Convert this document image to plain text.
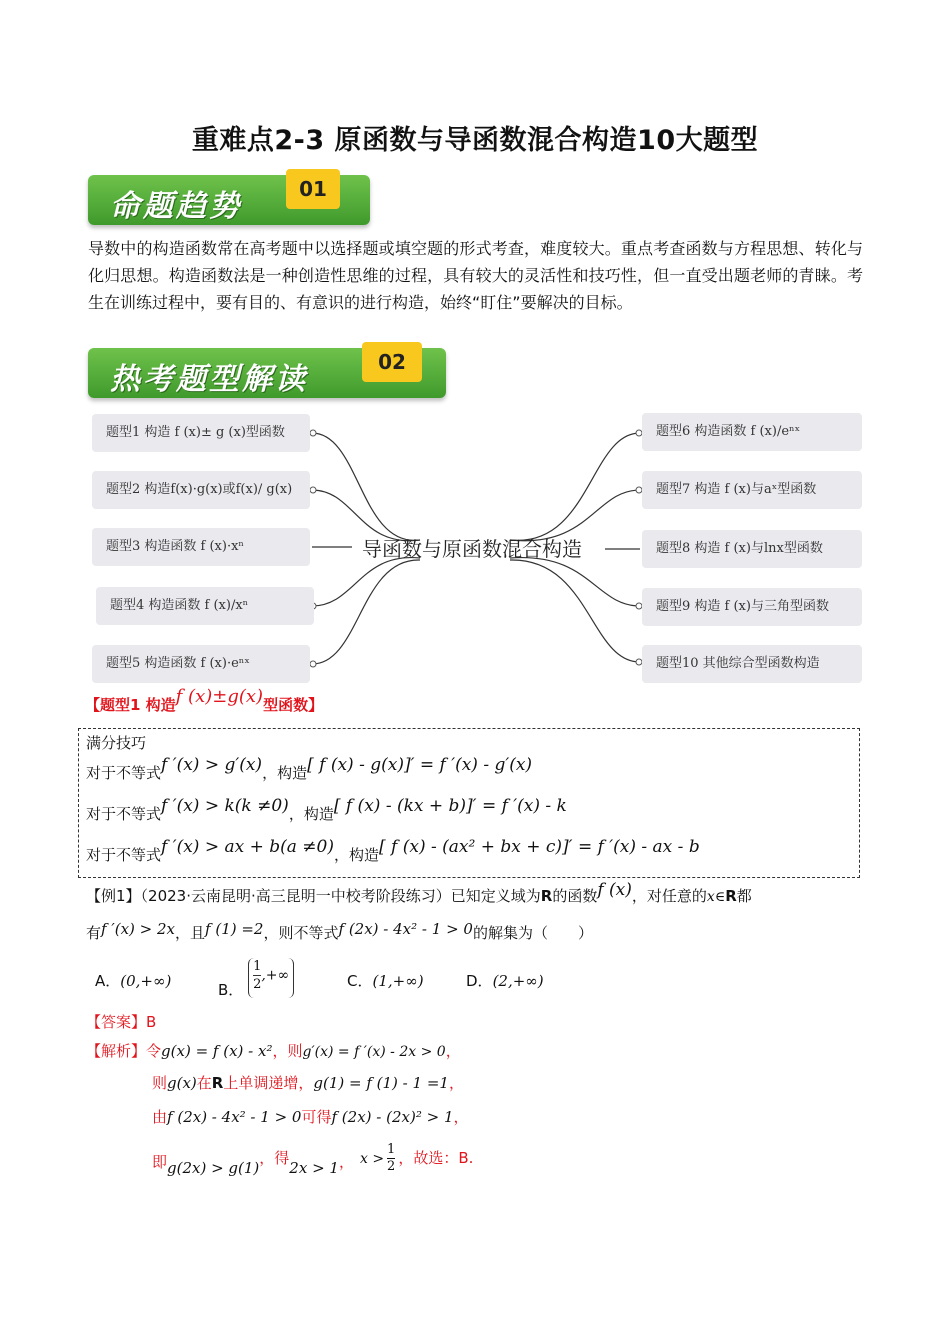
重难点2-3 原函数与导函数混合构造10大题型
01
命题趋势
导数中的构造函数常在高考题中以选择题或填空题的形式考查，难度较大。重点考查函数与方程思想、转化与化归思想。构造函数法是一种创造性思维的过程，具有较大的灵活性和技巧性，但一直受出题老师的青睐。考生在训练过程中，要有目的、有意识的进行构造，始终“盯住”要解决的目标。
02
热考题型解读
题型1 构造 f (x)± g (x)型函数
题型2 构造f(x)·g(x)或f(x)/ g(x)
题型3 构造函数 f (x)·xⁿ
题型4 构造函数 f (x)/xⁿ
题型5 构造函数 f (x)·eⁿˣ
导函数与原函数混合构造
题型6 构造函数 f (x)/eⁿˣ
题型7 构造 f (x)与aˣ型函数
题型8 构造 f (x)与lnx型函数
题型9 构造 f (x)与三角型函数
题型10 其他综合型函数构造
【题型1 构造f (x)±g(x)型函数】
满分技巧
对于不等式f ′(x) > g′(x)，构造[ f (x) - g(x)]′ = f ′(x) - g′(x)
对于不等式f ′(x) > k(k ≠0)，构造[ f (x) - (kx + b)]′ = f ′(x) - k
对于不等式f ′(x) > ax + b(a ≠0)，构造[ f (x) - (ax² + bx + c)]′ = f ′(x) - ax - b
【例1】（2023·云南昆明·高三昆明一中校考阶段练习）已知定义域为R的函数f (x)，对任意的x∈R都
有f ′(x) > 2x，且f (1) =2，则不等式f (2x) - 4x² - 1 > 0的解集为（　　）
A．(0,+∞)	B． $\frac{1}{2}$ ,+∞	C．(1,+∞)	D．(2,+∞)
【答案】B
【解析】令g(x) = f (x) - x²，则g′(x) = f ′(x) - 2x > 0，
则g(x)在R上单调递增，g(1) = f (1) - 1 =1，
由f (2x) - 4x² - 1 > 0可得f (2x) - (2x)² > 1，
即g(2x) > g(1)，得2x > 1， $x > \frac{1}{2}$ ，故选：B.
